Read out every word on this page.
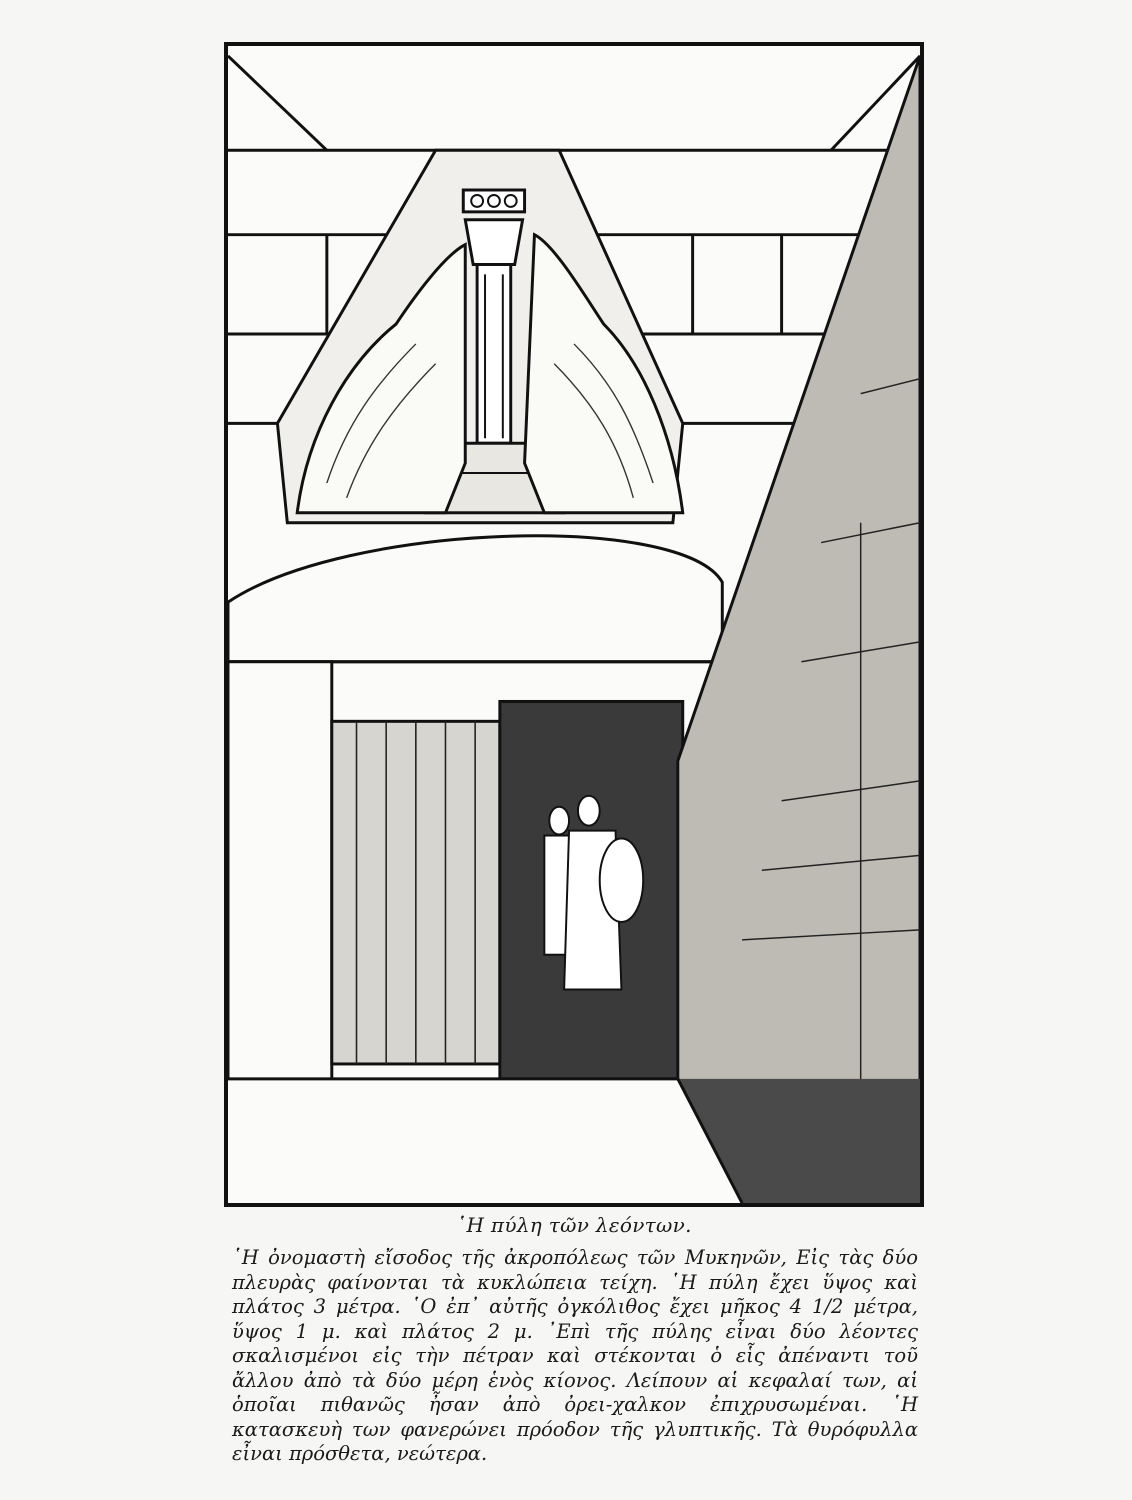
῾Η πύλη τῶν λεόντων.

῾Η ὀνομαστὴ εἴσοδος τῆς ἀκροπόλεως τῶν Μυκηνῶν, Εἰς τὰς δύο πλευρὰς φαίνονται τὰ κυκλώπεια τείχη. ῾Η πύλη ἔχει ὕψος καὶ πλάτος 3 μέτρα. ῾Ο ἐπ᾽ αὐτῆς ὀγκόλιθος ἔχει μῆκος 4 1/2 μέτρα, ὕψος 1 μ. καὶ πλάτος 2 μ. ᾽Επὶ τῆς πύλης εἶναι δύο λέοντες σκαλισμένοι εἰς τὴν πέτραν καὶ στέκονται ὁ εἷς ἀπέναντι τοῦ ἄλλου ἀπὸ τὰ δύο μέρη ἑνὸς κίονος. Λείπουν αἱ κεφαλαί των, αἱ ὁποῖαι πιθανῶς ἦσαν ἀπὸ ὀρει-χαλκον ἐπιχρυσωμέναι. ῾Η κατασκευὴ των φανερώνει πρόοδον τῆς γλυπτικῆς. Τὰ θυρόφυλλα εἶναι πρόσθετα, νεώτερα.
